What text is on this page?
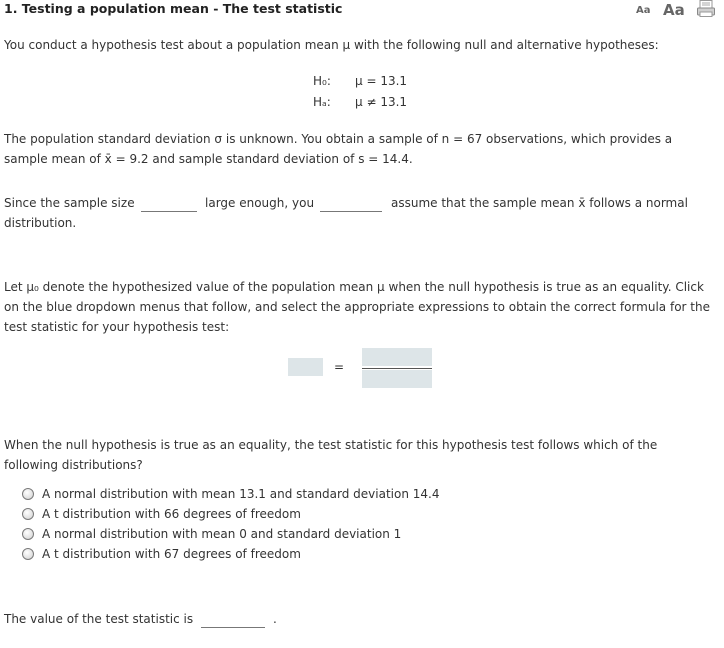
1. Testing a population mean - The test statistic	Aa Aa
You conduct a hypothesis test about a population mean μ with the following null and alternative hypotheses:
H₀: μ = 13.1
Hₐ: μ ≠ 13.1
The population standard deviation σ is unknown. You obtain a sample of n = 67 observations, which provides a
sample mean of x̄ = 9.2 and sample standard deviation of s = 14.4.
Since the sample size	large enough, you	assume that the sample mean x̄ follows a normal
distribution.
Let μ₀ denote the hypothesized value of the population mean μ when the null hypothesis is true as an equality. Click
on the blue dropdown menus that follow, and select the appropriate expressions to obtain the correct formula for the
test statistic for your hypothesis test:
=
When the null hypothesis is true as an equality, the test statistic for this hypothesis test follows which of the
following distributions?
A normal distribution with mean 13.1 and standard deviation 14.4
A t distribution with 66 degrees of freedom
A normal distribution with mean 0 and standard deviation 1
A t distribution with 67 degrees of freedom
The value of the test statistic is	.
